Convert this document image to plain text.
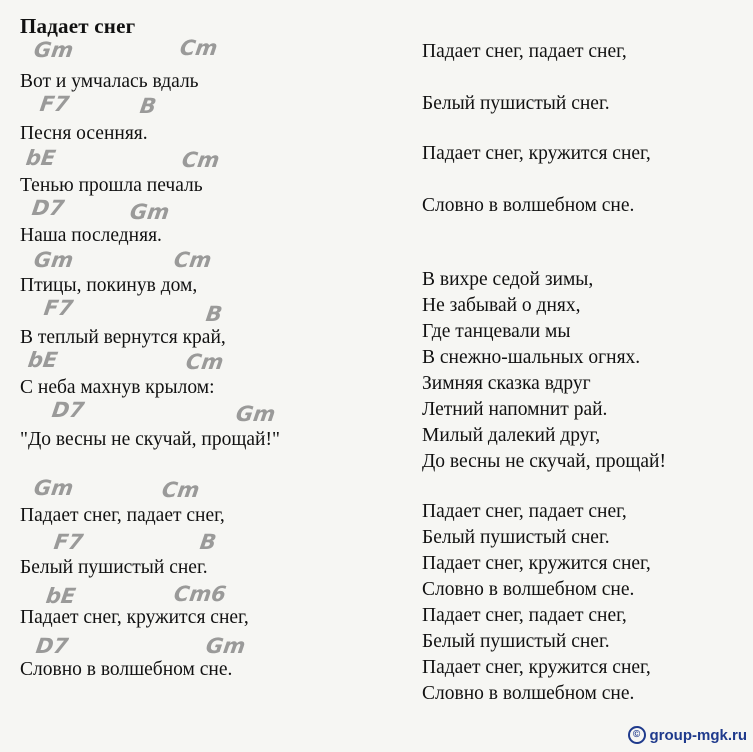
Падает снег
Gm	Cm
F7	B
bE	Cm
D7	Gm
Gm	Cm
F7	B
bE	Cm
D7	Gm
Gm	Cm
F7	B
bE	Cm6
D7	Gm
Вот и умчалась вдаль
Песня осенняя.
Тенью прошла печаль
Наша последняя.
Птицы, покинув дом,
В теплый вернутся край,
С неба махнув крылом:
"До весны не скучай, прощай!"
Падает снег, падает снег,
Белый пушистый снег.
Падает снег, кружится снег,
Словно в волшебном сне.
Падает снег, падает снег,
Белый пушистый снег.
Падает снег, кружится снег,
Словно в волшебном сне.
В вихре седой зимы,
Не забывай о днях,
Где танцевали мы
В снежно-шальных огнях.
Зимняя сказка вдруг
Летний напомнит рай.
Милый далекий друг,
До весны не скучай, прощай!
Падает снег, падает снег,
Белый пушистый снег.
Падает снег, кружится снег,
Словно в волшебном сне.
Падает снег, падает снег,
Белый пушистый снег.
Падает снег, кружится снег,
Словно в волшебном сне.
© group-mgk.ru
